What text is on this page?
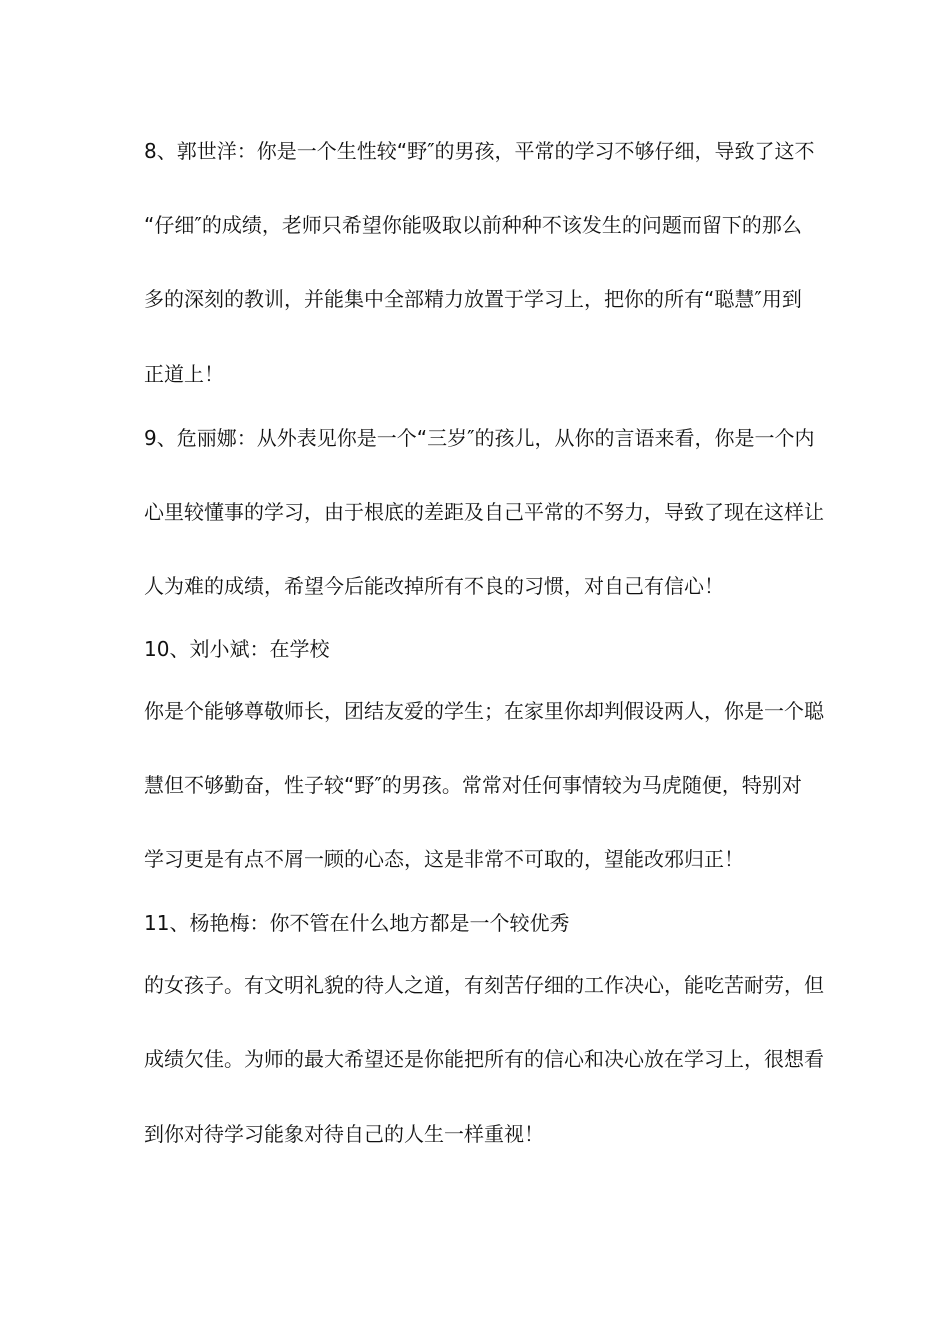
8、郭世洋：你是一个生性较“野″的男孩，平常的学习不够仔细，导致了这不
“仔细″的成绩，老师只希望你能吸取以前种种不该发生的问题而留下的那么
多的深刻的教训，并能集中全部精力放置于学习上，把你的所有“聪慧″用到
正道上！
9、危丽娜：从外表见你是一个“三岁″的孩儿，从你的言语来看，你是一个内
心里较懂事的学习，由于根底的差距及自己平常的不努力，导致了现在这样让
人为难的成绩，希望今后能改掉所有不良的习惯，对自己有信心！
10、刘小斌：在学校
你是个能够尊敬师长，团结友爱的学生；在家里你却判假设两人，你是一个聪
慧但不够勤奋，性子较“野″的男孩。常常对任何事情较为马虎随便，特别对
学习更是有点不屑一顾的心态，这是非常不可取的，望能改邪归正！
11、杨艳梅：你不管在什么地方都是一个较优秀
的女孩子。有文明礼貌的待人之道，有刻苦仔细的工作决心，能吃苦耐劳，但
成绩欠佳。为师的最大希望还是你能把所有的信心和决心放在学习上，很想看
到你对待学习能象对待自己的人生一样重视！
